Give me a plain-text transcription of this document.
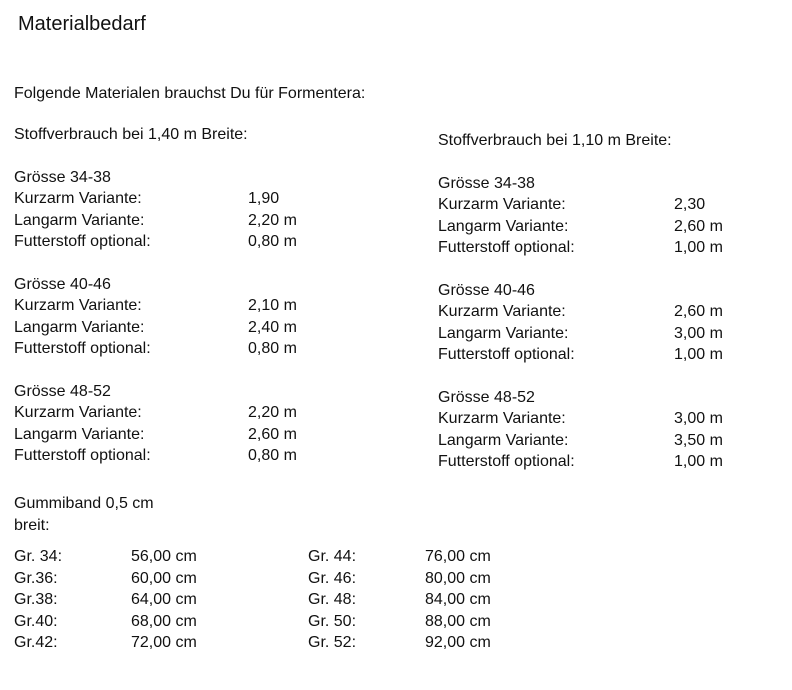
Materialbedarf
Folgende Materialen brauchst Du für Formentera:
Stoffverbrauch bei 1,40 m Breite:
Grösse 34-38
Kurzarm Variante:	1,90
Langarm Variante:	2,20 m
Futterstoff optional:	0,80 m
Grösse 40-46
Kurzarm Variante:	2,10 m
Langarm Variante:	2,40 m
Futterstoff optional:	0,80 m
Grösse 48-52
Kurzarm Variante:	2,20 m
Langarm Variante:	2,60 m
Futterstoff optional:	0,80 m
Stoffverbrauch bei 1,10 m Breite:
Grösse 34-38
Kurzarm Variante:	2,30
Langarm Variante:	2,60 m
Futterstoff optional:	1,00 m
Grösse 40-46
Kurzarm Variante:	2,60 m
Langarm Variante:	3,00 m
Futterstoff optional:	1,00 m
Grösse 48-52
Kurzarm Variante:	3,00 m
Langarm Variante:	3,50 m
Futterstoff optional:	1,00 m
Gummiband 0,5 cm
breit:
Gr. 34:	56,00 cm
Gr.36:	60,00 cm
Gr.38:	64,00 cm
Gr.40:	68,00 cm
Gr.42:	72,00 cm
Gr. 44:	76,00 cm
Gr. 46:	80,00 cm
Gr. 48:	84,00 cm
Gr. 50:	88,00 cm
Gr. 52:	92,00 cm
